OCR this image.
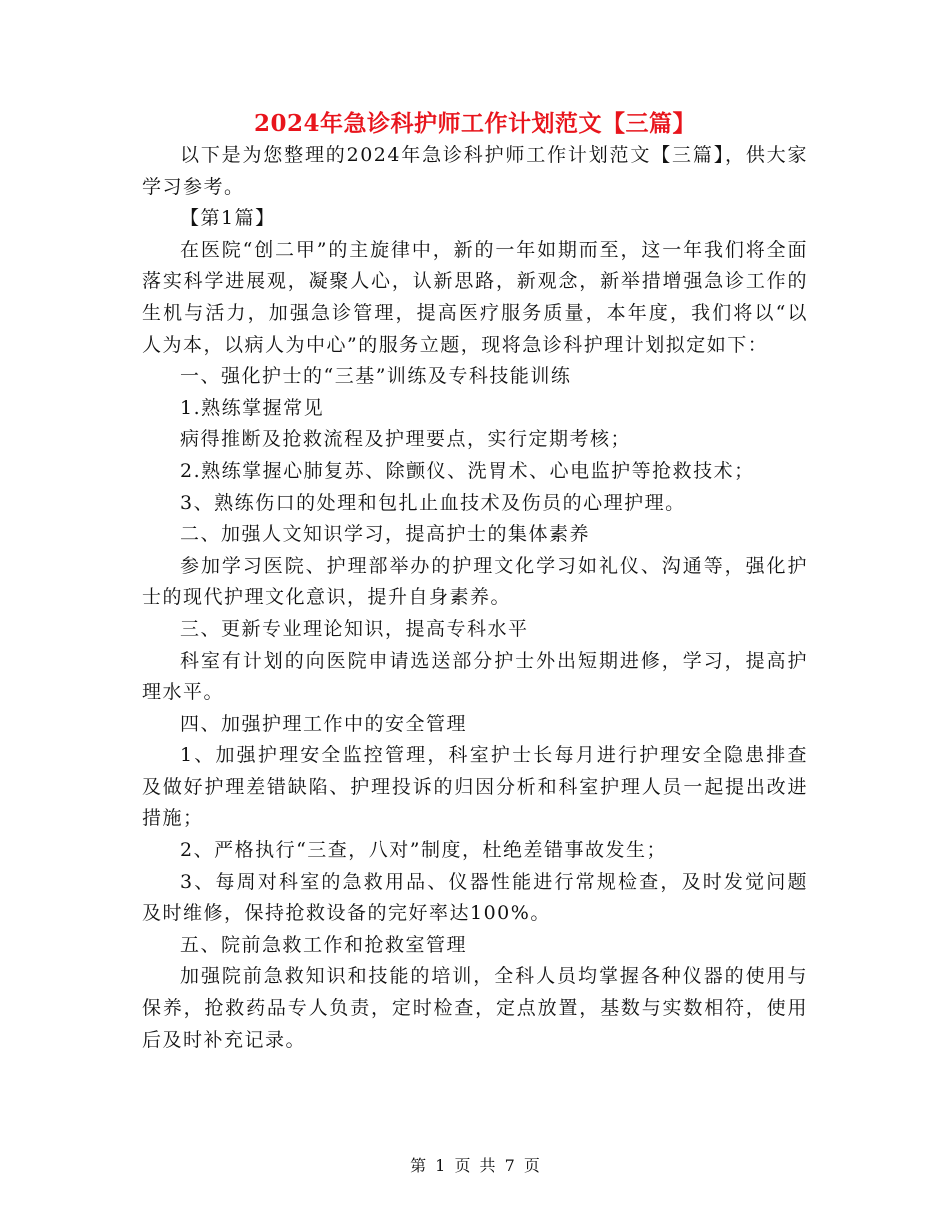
2024年急诊科护师工作计划范文【三篇】

以下是为您整理的2024年急诊科护师工作计划范文【三篇】，供大家学习参考。

【第1篇】

在医院“创二甲”的主旋律中，新的一年如期而至，这一年我们将全面落实科学进展观，凝聚人心，认新思路，新观念，新举措增强急诊工作的生机与活力，加强急诊管理，提高医疗服务质量，本年度，我们将以“以人为本，以病人为中心”的服务立题，现将急诊科护理计划拟定如下：

一、强化护士的“三基”训练及专科技能训练

1.熟练掌握常见

病得推断及抢救流程及护理要点，实行定期考核；

2.熟练掌握心肺复苏、除颤仪、洗胃术、心电监护等抢救技术；

3、熟练伤口的处理和包扎止血技术及伤员的心理护理。

二、加强人文知识学习，提高护士的集体素养

参加学习医院、护理部举办的护理文化学习如礼仪、沟通等，强化护士的现代护理文化意识，提升自身素养。

三、更新专业理论知识，提高专科水平

科室有计划的向医院申请选送部分护士外出短期进修，学习，提高护理水平。

四、加强护理工作中的安全管理

1、加强护理安全监控管理，科室护士长每月进行护理安全隐患排查及做好护理差错缺陷、护理投诉的归因分析和科室护理人员一起提出改进措施；

2、严格执行“三查，八对”制度，杜绝差错事故发生；

3、每周对科室的急救用品、仪器性能进行常规检查，及时发觉问题及时维修，保持抢救设备的完好率达100%。

五、院前急救工作和抢救室管理

加强院前急救知识和技能的培训，全科人员均掌握各种仪器的使用与保养，抢救药品专人负责，定时检查，定点放置，基数与实数相符，使用后及时补充记录。

第 1 页 共 7 页
